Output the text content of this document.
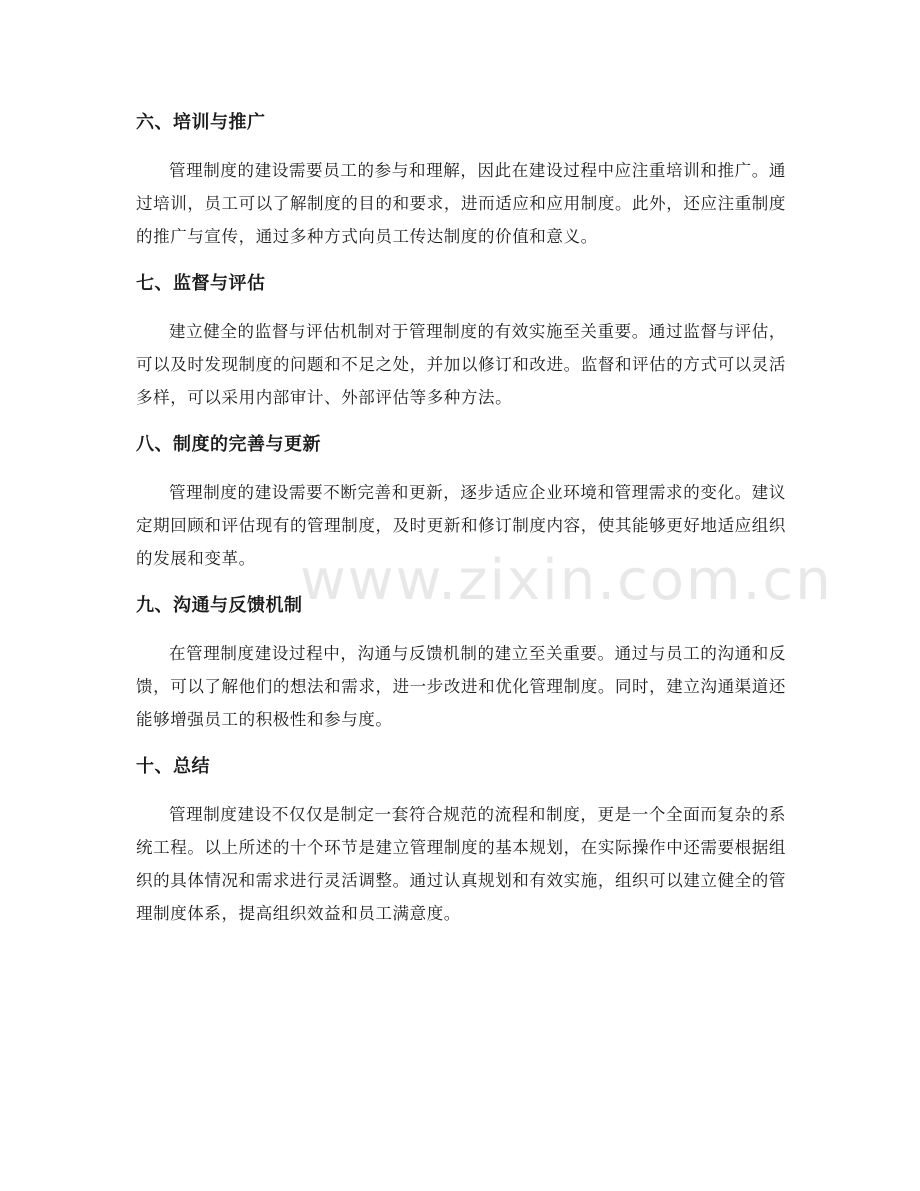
六、培训与推广

管理制度的建设需要员工的参与和理解，因此在建设过程中应注重培训和推广。通过培训，员工可以了解制度的目的和要求，进而适应和应用制度。此外，还应注重制度的推广与宣传，通过多种方式向员工传达制度的价值和意义。

七、监督与评估

建立健全的监督与评估机制对于管理制度的有效实施至关重要。通过监督与评估，可以及时发现制度的问题和不足之处，并加以修订和改进。监督和评估的方式可以灵活多样，可以采用内部审计、外部评估等多种方法。

八、制度的完善与更新

管理制度的建设需要不断完善和更新，逐步适应企业环境和管理需求的变化。建议定期回顾和评估现有的管理制度，及时更新和修订制度内容，使其能够更好地适应组织的发展和变革。

九、沟通与反馈机制

在管理制度建设过程中，沟通与反馈机制的建立至关重要。通过与员工的沟通和反馈，可以了解他们的想法和需求，进一步改进和优化管理制度。同时，建立沟通渠道还能够增强员工的积极性和参与度。

十、总结

管理制度建设不仅仅是制定一套符合规范的流程和制度，更是一个全面而复杂的系统工程。以上所述的十个环节是建立管理制度的基本规划，在实际操作中还需要根据组织的具体情况和需求进行灵活调整。通过认真规划和有效实施，组织可以建立健全的管理制度体系，提高组织效益和员工满意度。

www.zixin.com.cn
